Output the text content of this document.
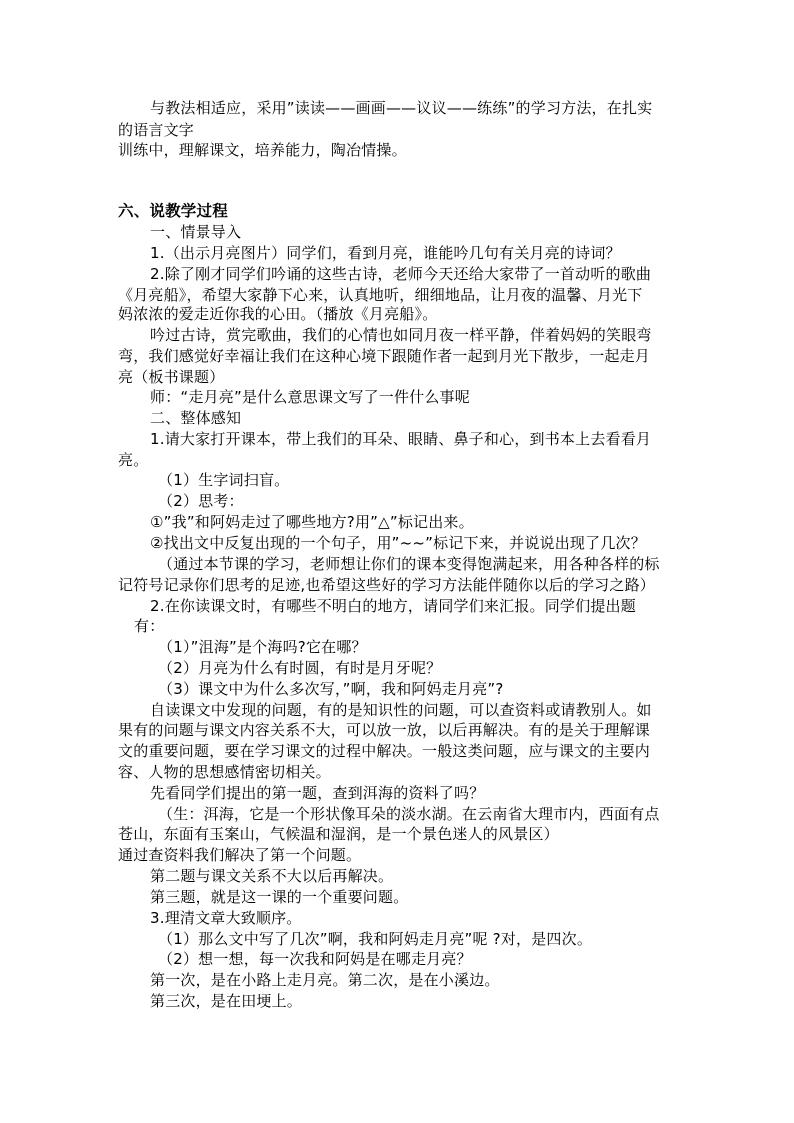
与教法相适应，采用”读读——画画——议议——练练”的学习方法，在扎实
的语言文字
训练中，理解课文，培养能力，陶冶情操。
六、说教学过程
一、情景导入
1.（出示月亮图片）同学们，看到月亮，谁能吟几句有关月亮的诗词？
2.除了刚才同学们吟诵的这些古诗，老师今天还给大家带了一首动听的歌曲
《月亮船》，希望大家静下心来，认真地听，细细地品，让月夜的温馨、月光下
妈浓浓的爱走近你我的心田。（播放《月亮船》。
吟过古诗，赏完歌曲，我们的心情也如同月夜一样平静，伴着妈妈的笑眼弯
弯，我们感觉好幸福让我们在这种心境下跟随作者一起到月光下散步，一起走月
亮（板书课题）
师：“走月亮”是什么意思课文写了一件什么事呢
二、整体感知
1.请大家打开课本，带上我们的耳朵、眼睛、鼻子和心，到书本上去看看月
亮。
（1）生字词扫盲。
（2）思考：
①”我”和阿妈走过了哪些地方?用”△”标记出来。
②找出文中反复出现的一个句子，用”~~”标记下来，并说说出现了几次？
（通过本节课的学习，老师想让你们的课本变得饱满起来，用各种各样的标
记符号记录你们思考的足迹,也希望这些好的学习方法能伴随你以后的学习之路）
2.在你读课文时，有哪些不明白的地方，请同学们来汇报。同学们提出题
有：
（1）”沮海”是个海吗?它在哪？
（2）月亮为什么有时圆，有时是月牙呢？
（3）课文中为什么多次写，”啊，我和阿妈走月亮”?
自读课文中发现的问题，有的是知识性的问题，可以查资料或请教别人。如
果有的问题与课文内容关系不大，可以放一放，以后再解决。有的是关于理解课
文的重要问题，要在学习课文的过程中解决。一般这类问题，应与课文的主要内
容、人物的思想感情密切相关。
先看同学们提出的第一题，查到洱海的资料了吗？
（生：洱海，它是一个形状像耳朵的淡水湖。在云南省大理市内，西面有点
苍山，东面有玉案山，气候温和湿润，是一个景色迷人的风景区）
通过查资料我们解决了第一个问题。
第二题与课文关系不大以后再解决。
第三题，就是这一课的一个重要问题。
3.理清文章大致顺序。
（1）那么文中写了几次”啊，我和阿妈走月亮”呢 ?对，是四次。
（2）想一想，每一次我和阿妈是在哪走月亮？
第一次，是在小路上走月亮。第二次，是在小溪边。
第三次，是在田埂上。
